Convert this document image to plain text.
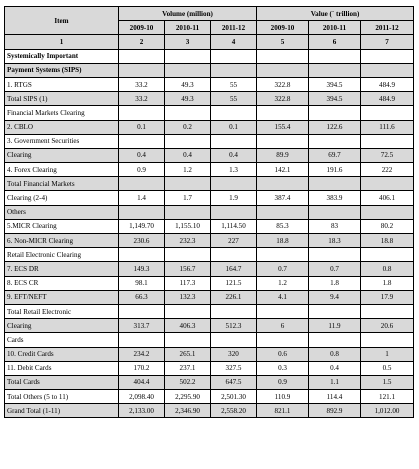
Item	Volume (million)			Value (` trillion)		
	2009-10	2010-11	2011-12	2009-10	2010-11	2011-12
1	2	3	4	5	6	7
Systemically Important						
Payment Systems (SIPS)						
1. RTGS	33.2	49.3	55	322.8	394.5	484.9
Total SIPS (1)	33.2	49.3	55	322.8	394.5	484.9
Financial Markets Clearing						
2. CBLO	0.1	0.2	0.1	155.4	122.6	111.6
3. Government Securities						
Clearing	0.4	0.4	0.4	89.9	69.7	72.5
4. Forex Clearing	0.9	1.2	1.3	142.1	191.6	222
Total Financial Markets						
Clearing (2-4)	1.4	1.7	1.9	387.4	383.9	406.1
Others						
5.MICR Clearing	1,149.70	1,155.10	1,114.50	85.3	83	80.2
6. Non-MICR Clearing	230.6	232.3	227	18.8	18.3	18.8
Retail Electronic Clearing						
7. ECS DR	149.3	156.7	164.7	0.7	0.7	0.8
8. ECS CR	98.1	117.3	121.5	1.2	1.8	1.8
9. EFT/NEFT	66.3	132.3	226.1	4.1	9.4	17.9
Total Retail Electronic						
Clearing	313.7	406.3	512.3	6	11.9	20.6
Cards						
10. Credit Cards	234.2	265.1	320	0.6	0.8	1
11. Debit Cards	170.2	237.1	327.5	0.3	0.4	0.5
Total Cards	404.4	502.2	647.5	0.9	1.1	1.5
Total Others (5 to 11)	2,098.40	2,295.90	2,501.30	110.9	114.4	121.1
Grand Total (1-11)	2,133.00	2,346.90	2,558.20	821.1	892.9	1,012.00
